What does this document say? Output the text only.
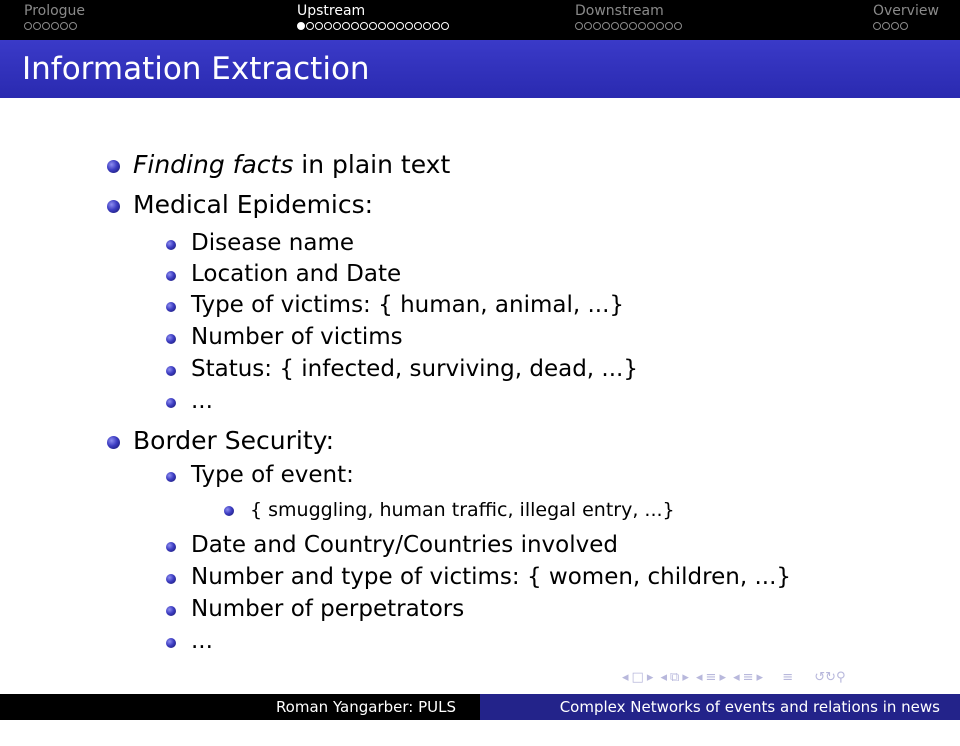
Prologue	Upstream	Downstream	Overview
Information Extraction
Finding facts in plain text
Medical Epidemics:
Disease name
Location and Date
Type of victims: { human, animal, ...}
Number of victims
Status: { infected, surviving, dead, ...}
...
Border Security:
Type of event:
{ smuggling, human traffic, illegal entry, ...}
Date and Country/Countries involved
Number and type of victims: { women, children, ...}
Number of perpetrators
...
◂ □ ▸ ◂ ⧉ ▸ ◂ ≡ ▸ ◂ ≡ ▸ ≡ ↺↻⚲
Roman Yangarber: PULS	Complex Networks of events and relations in news surveillance
